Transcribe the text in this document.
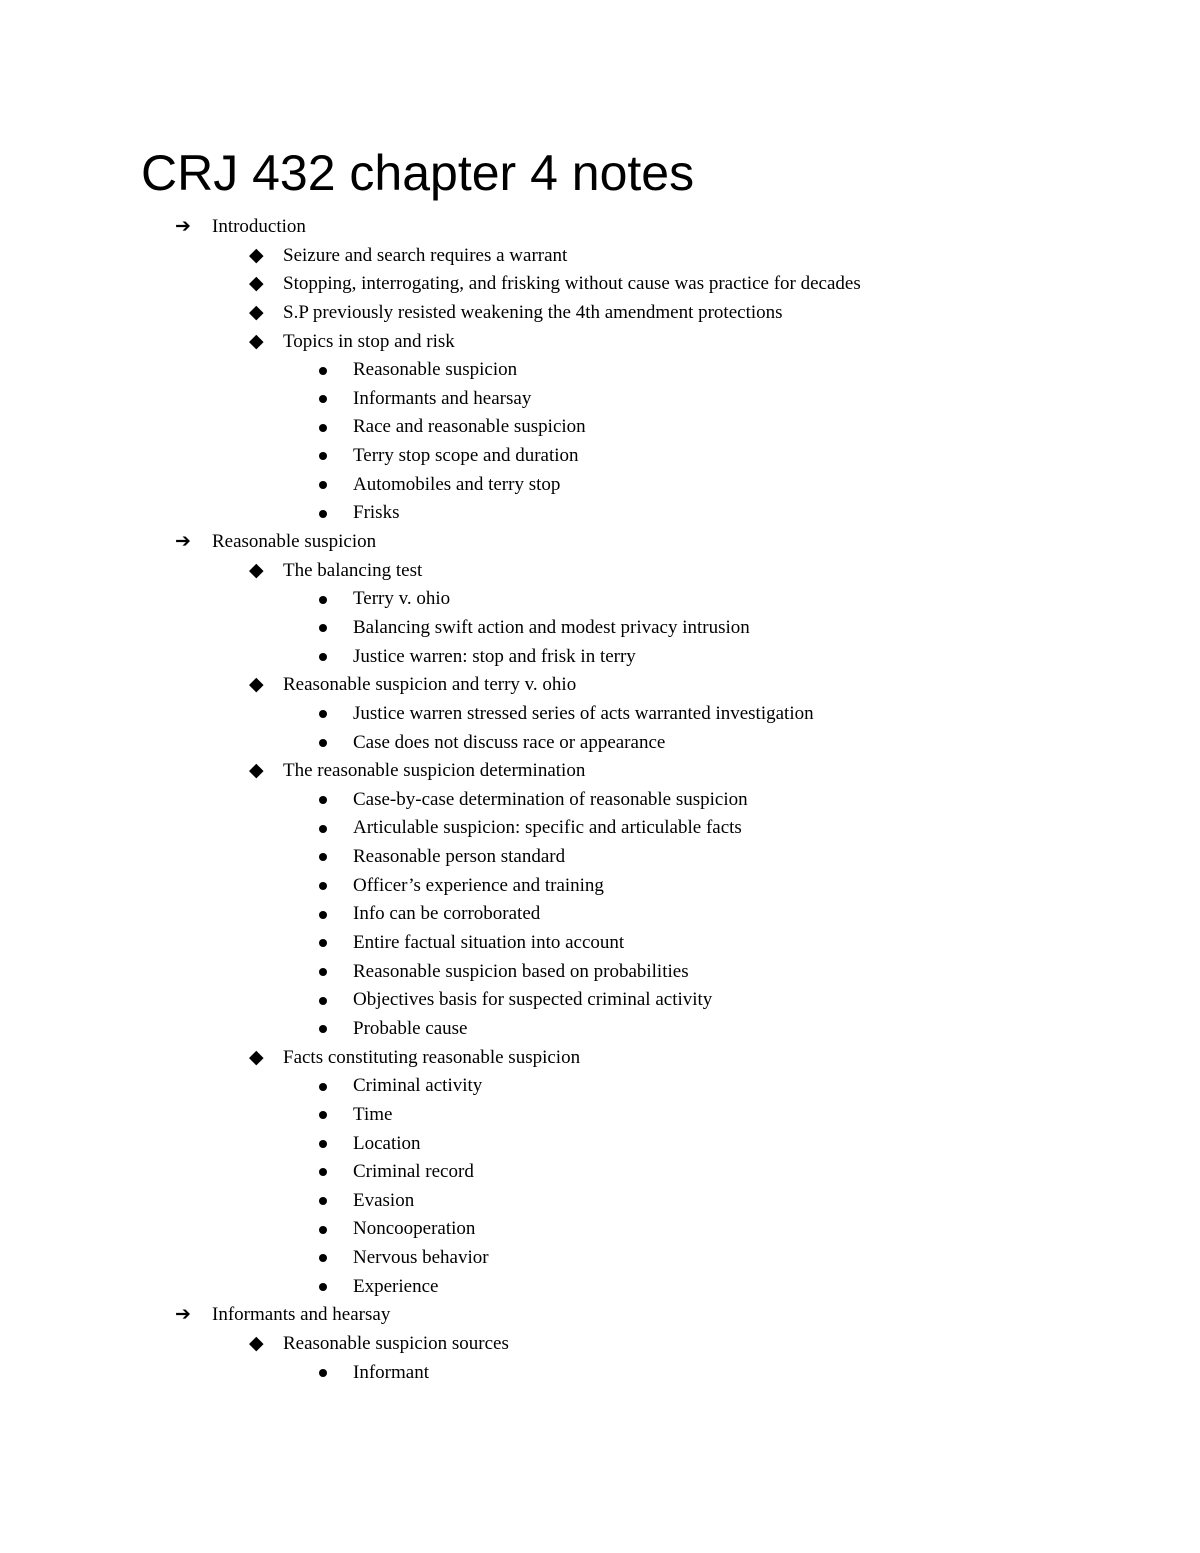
CRJ 432 chapter 4 notes
➔ Introduction
◆ Seizure and search requires a warrant
◆ Stopping, interrogating, and frisking without cause was practice for decades
◆ S.P previously resisted weakening the 4th amendment protections
◆ Topics in stop and risk
Reasonable suspicion
Informants and hearsay
Race and reasonable suspicion
Terry stop scope and duration
Automobiles and terry stop
Frisks
➔ Reasonable suspicion
◆ The balancing test
Terry v. ohio
Balancing swift action and modest privacy intrusion
Justice warren: stop and frisk in terry
◆ Reasonable suspicion and terry v. ohio
Justice warren stressed series of acts warranted investigation
Case does not discuss race or appearance
◆ The reasonable suspicion determination
Case-by-case determination of reasonable suspicion
Articulable suspicion: specific and articulable facts
Reasonable person standard
Officer’s experience and training
Info can be corroborated
Entire factual situation into account
Reasonable suspicion based on probabilities
Objectives basis for suspected criminal activity
Probable cause
◆ Facts constituting reasonable suspicion
Criminal activity
Time
Location
Criminal record
Evasion
Noncooperation
Nervous behavior
Experience
➔ Informants and hearsay
◆ Reasonable suspicion sources
Informant
